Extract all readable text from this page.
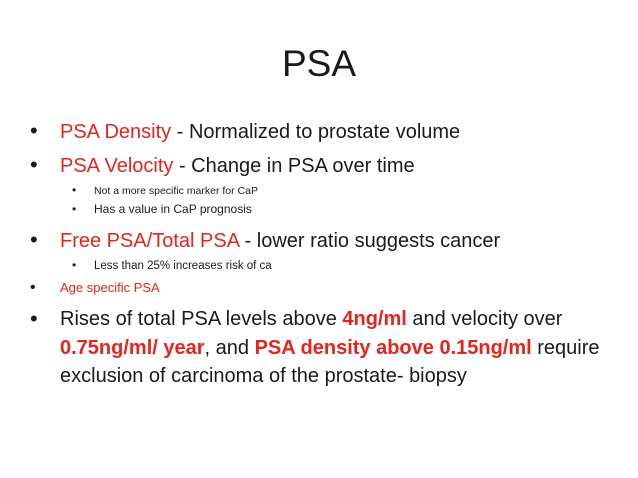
PSA
• PSA Density - Normalized to prostate volume
• PSA Velocity - Change in PSA over time
• Not a more specific marker for CaP
• Has a value in CaP prognosis
• Free PSA/Total PSA - lower ratio suggests cancer
• Less than 25% increases risk of ca
• Age specific PSA
•	Rises of total PSA levels above 4ng/ml and velocity over 0.75ng/ml/ year, and PSA density above 0.15ng/ml require exclusion of carcinoma of the prostate- biopsy
